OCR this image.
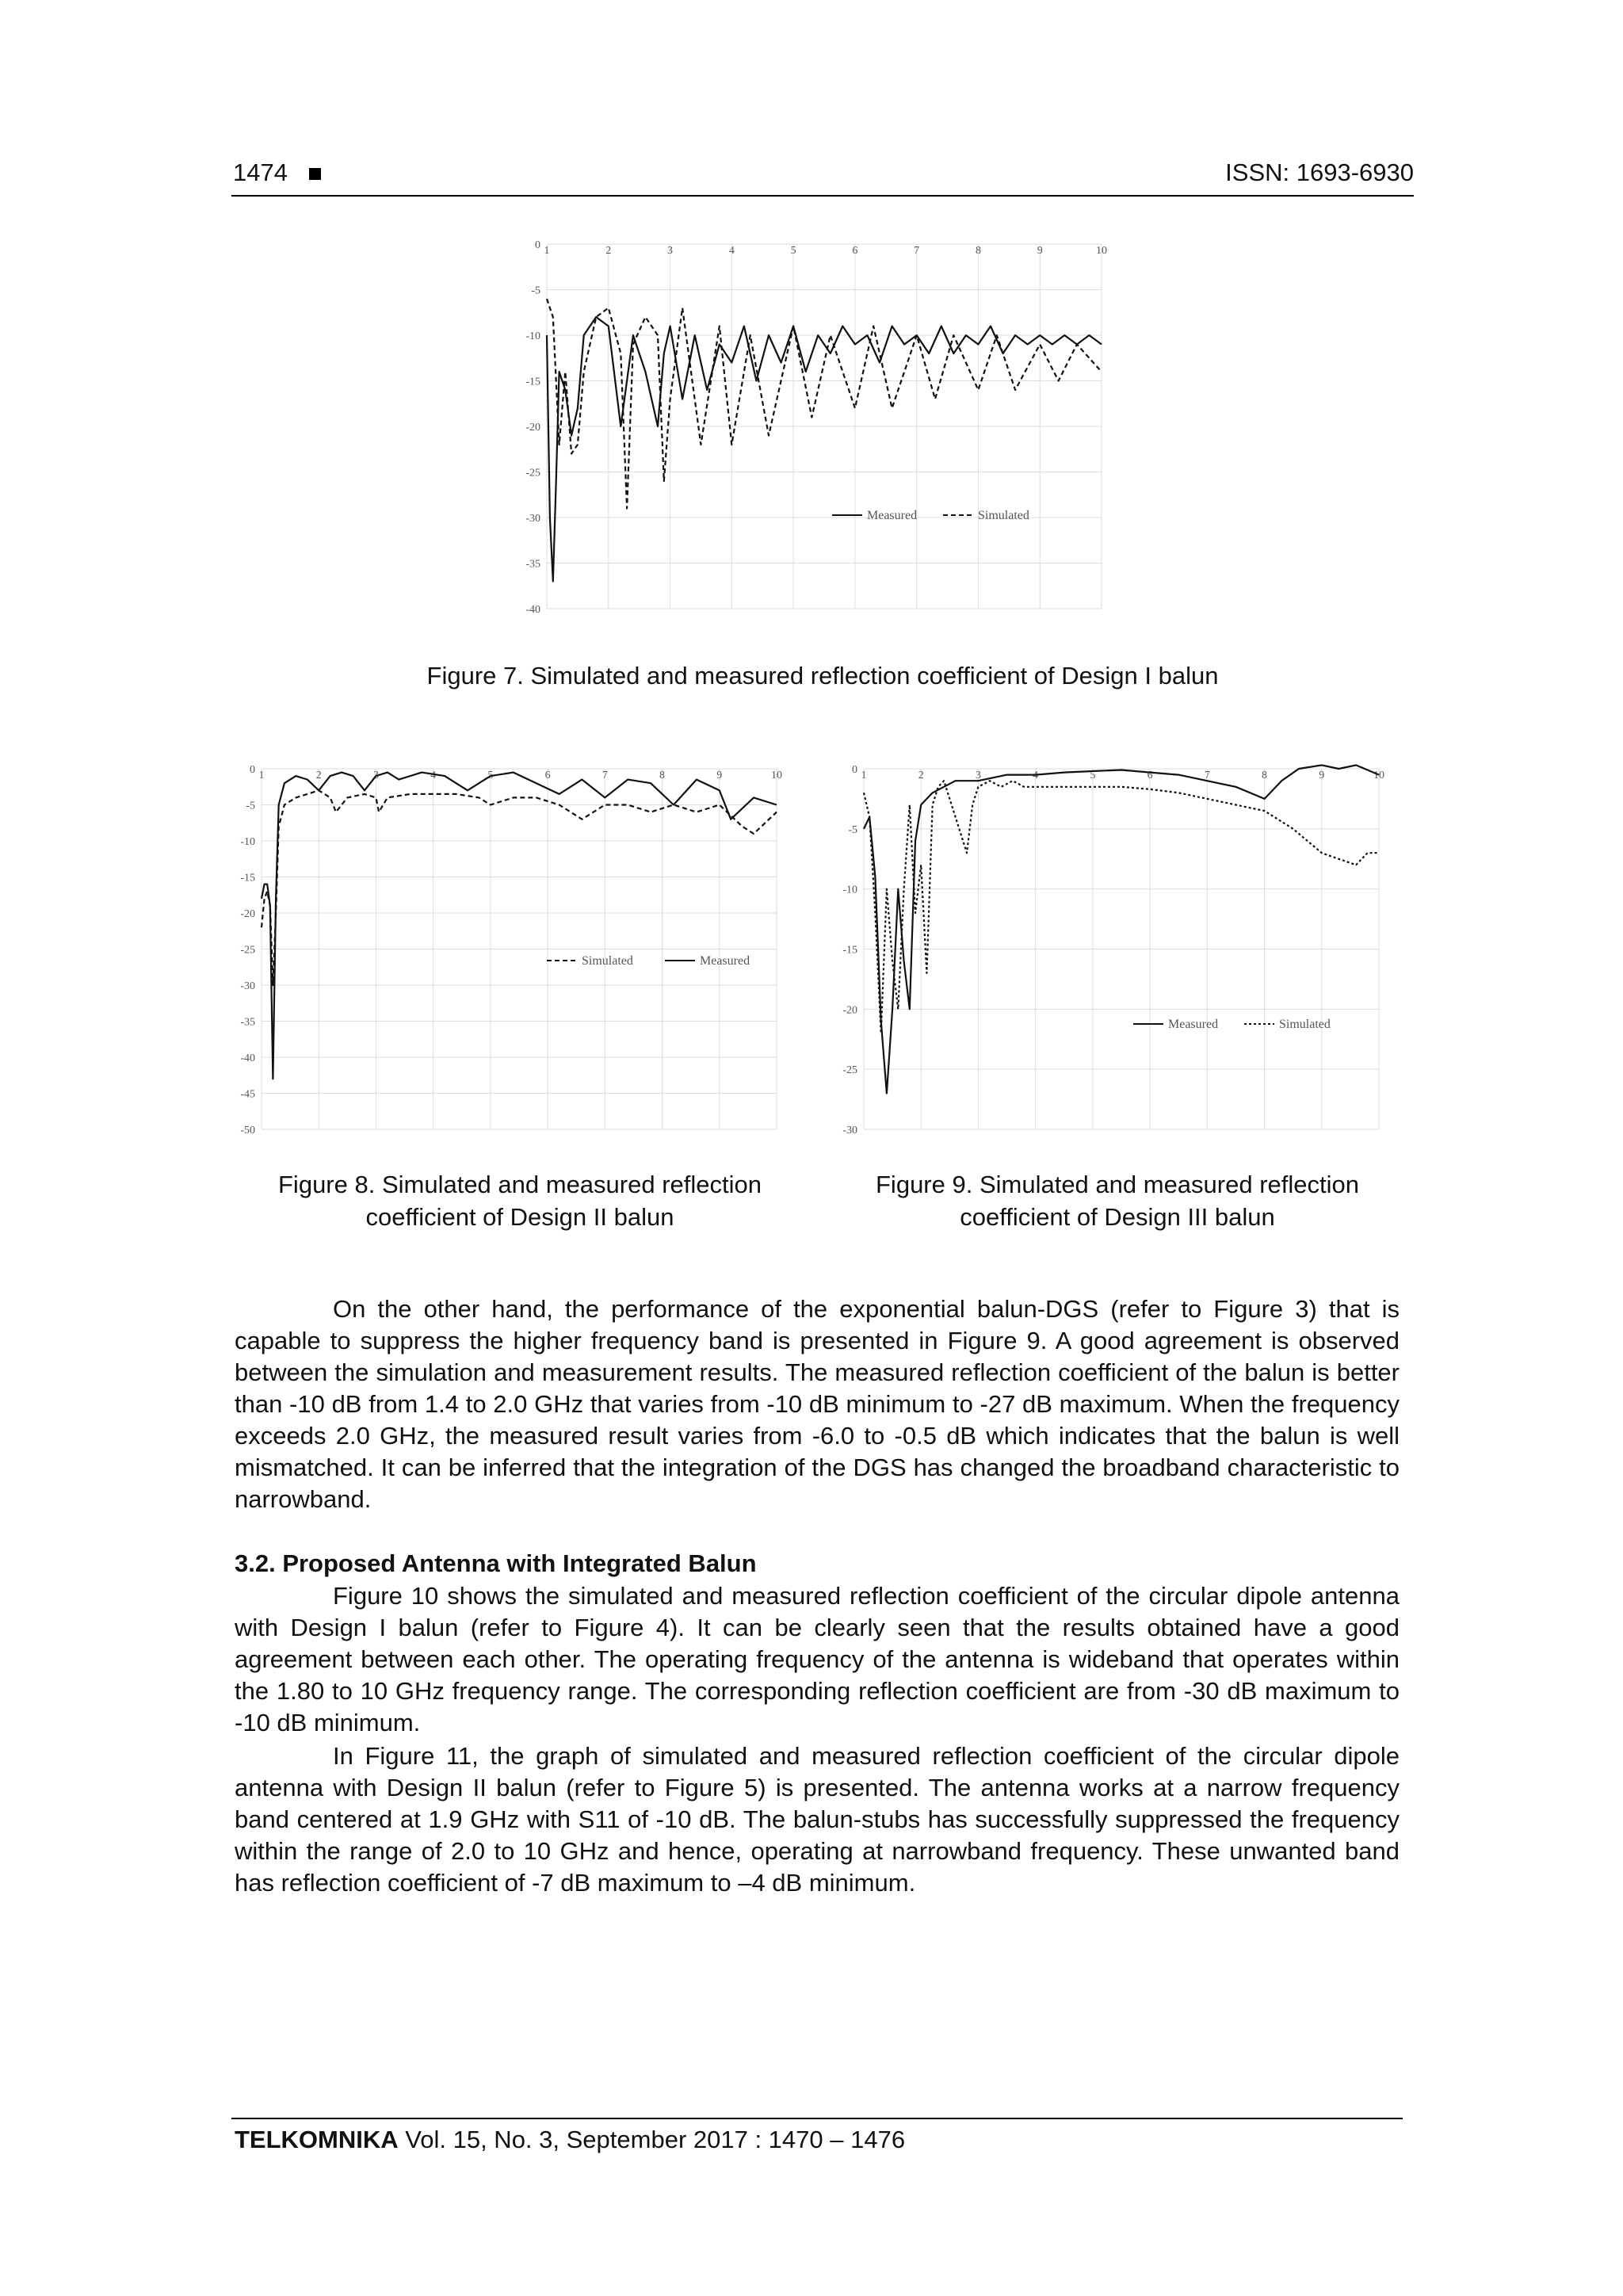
1474	ISSN: 1693-6930
1	2	3	4	5	6	7	8	9	10
0
-5
-10
-15
-20
-25
-30
-35
-40
Measured	Simulated
Figure 7. Simulated and measured reflection coefficient of Design I balun
1	2	3	4	5	6	7	8	9	10
0
-5
-10
-15
-20
-25
-30
-35
-40
-45
-50
Simulated	Measured
Figure 8. Simulated and measured reflection
coefficient of Design II balun
1	2	3	4	5	6	7	8	9	10
0
-5
-10
-15
-20
-25
-30
Measured	Simulated
Figure 9. Simulated and measured reflection
coefficient of Design III balun

On the other hand, the performance of the exponential balun-DGS (refer to Figure 3) that is capable to suppress the higher frequency band is presented in Figure 9. A good agreement is observed between the simulation and measurement results. The measured reflection coefficient of the balun is better than -10 dB from 1.4 to 2.0 GHz that varies from -10 dB minimum to -27 dB maximum. When the frequency exceeds 2.0 GHz, the measured result varies from -6.0 to -0.5 dB which indicates that the balun is well mismatched. It can be inferred that the integration of the DGS has changed the broadband characteristic to narrowband.

3.2. Proposed Antenna with Integrated Balun

Figure 10 shows the simulated and measured reflection coefficient of the circular dipole antenna with Design I balun (refer to Figure 4). It can be clearly seen that the results obtained have a good agreement between each other. The operating frequency of the antenna is wideband that operates within the 1.80 to 10 GHz frequency range. The corresponding reflection coefficient are from -30 dB maximum to -10 dB minimum.

In Figure 11, the graph of simulated and measured reflection coefficient of the circular dipole antenna with Design II balun (refer to Figure 5) is presented. The antenna works at a narrow frequency band centered at 1.9 GHz with S11 of -10 dB. The balun-stubs has successfully suppressed the frequency within the range of 2.0 to 10 GHz and hence, operating at narrowband frequency. These unwanted band has reflection coefficient of -7 dB maximum to –4 dB minimum.

TELKOMNIKA Vol. 15, No. 3, September 2017 : 1470 – 1476
